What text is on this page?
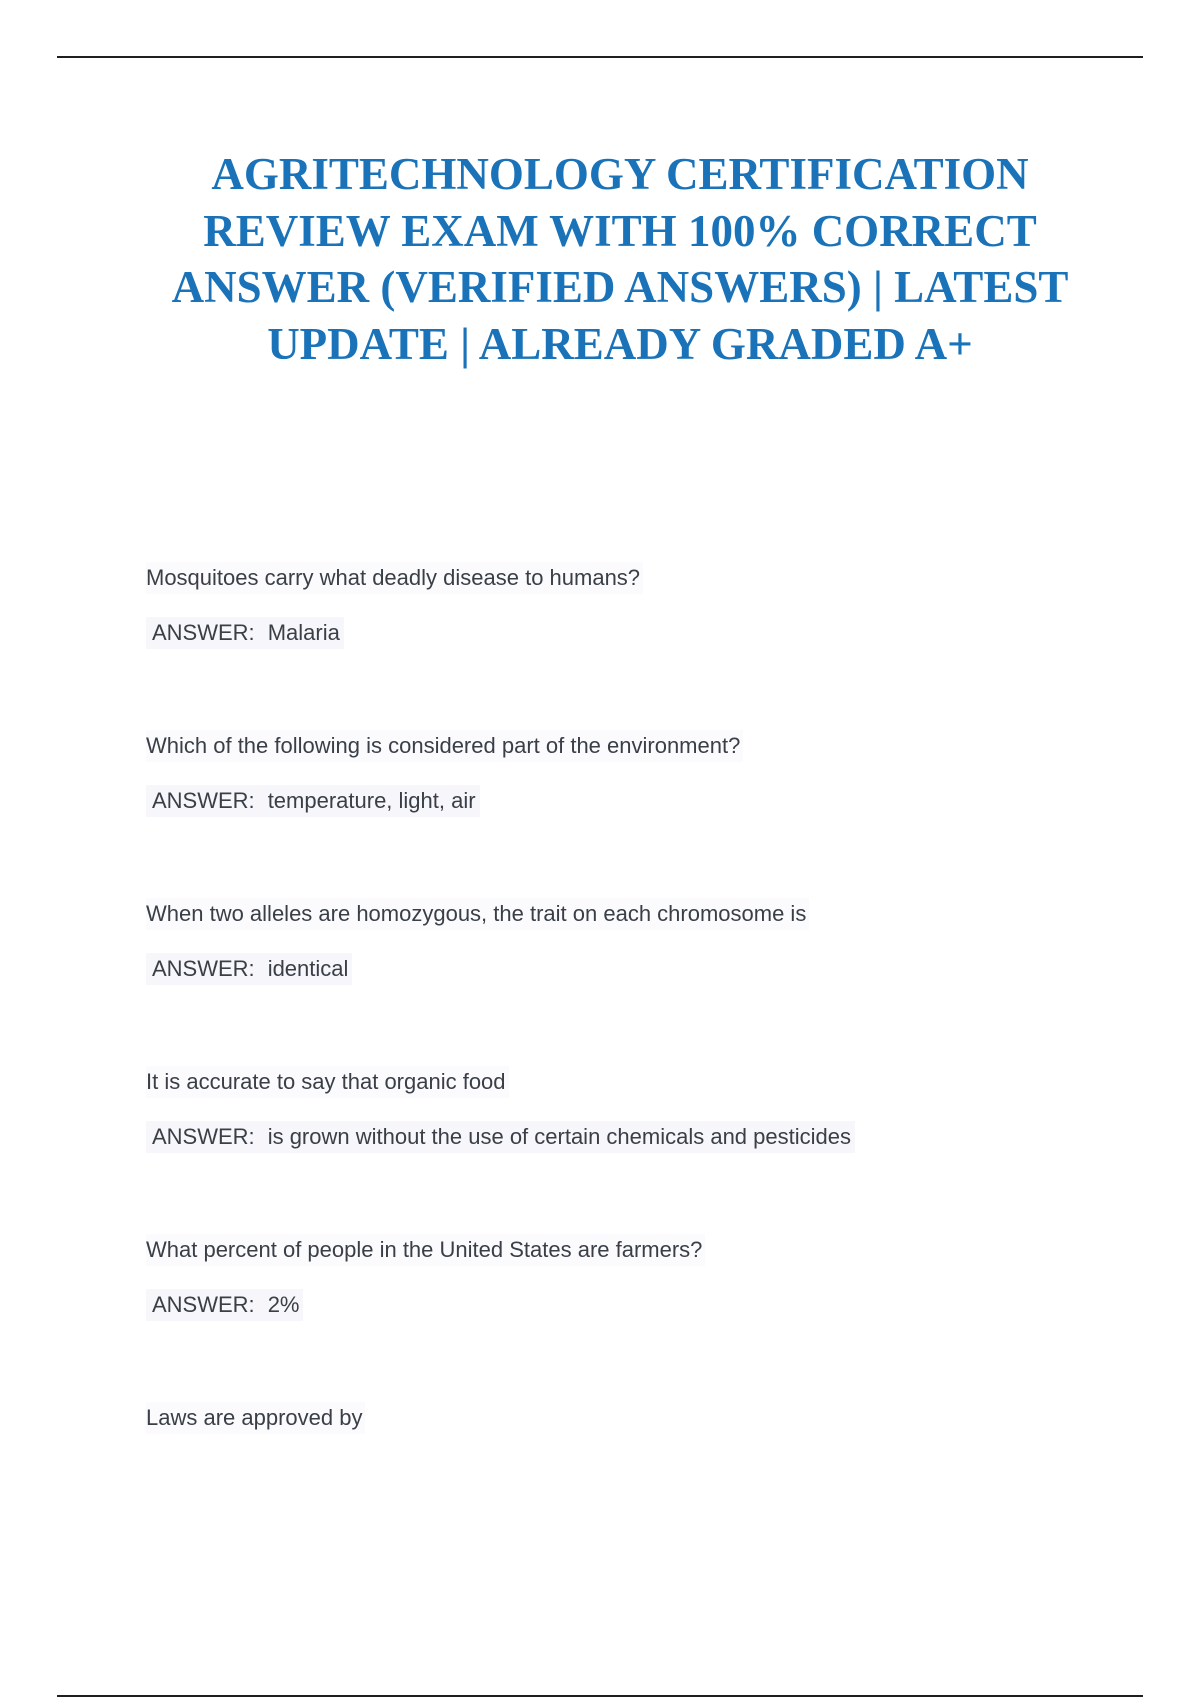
AGRITECHNOLOGY CERTIFICATION REVIEW EXAM WITH 100% CORRECT ANSWER (VERIFIED ANSWERS) | LATEST UPDATE | ALREADY GRADED A+
Mosquitoes carry what deadly disease to humans?
ANSWER: Malaria
Which of the following is considered part of the environment?
ANSWER: temperature, light, air
When two alleles are homozygous, the trait on each chromosome is
ANSWER: identical
It is accurate to say that organic food
ANSWER: is grown without the use of certain chemicals and pesticides
What percent of people in the United States are farmers?
ANSWER: 2%
Laws are approved by
